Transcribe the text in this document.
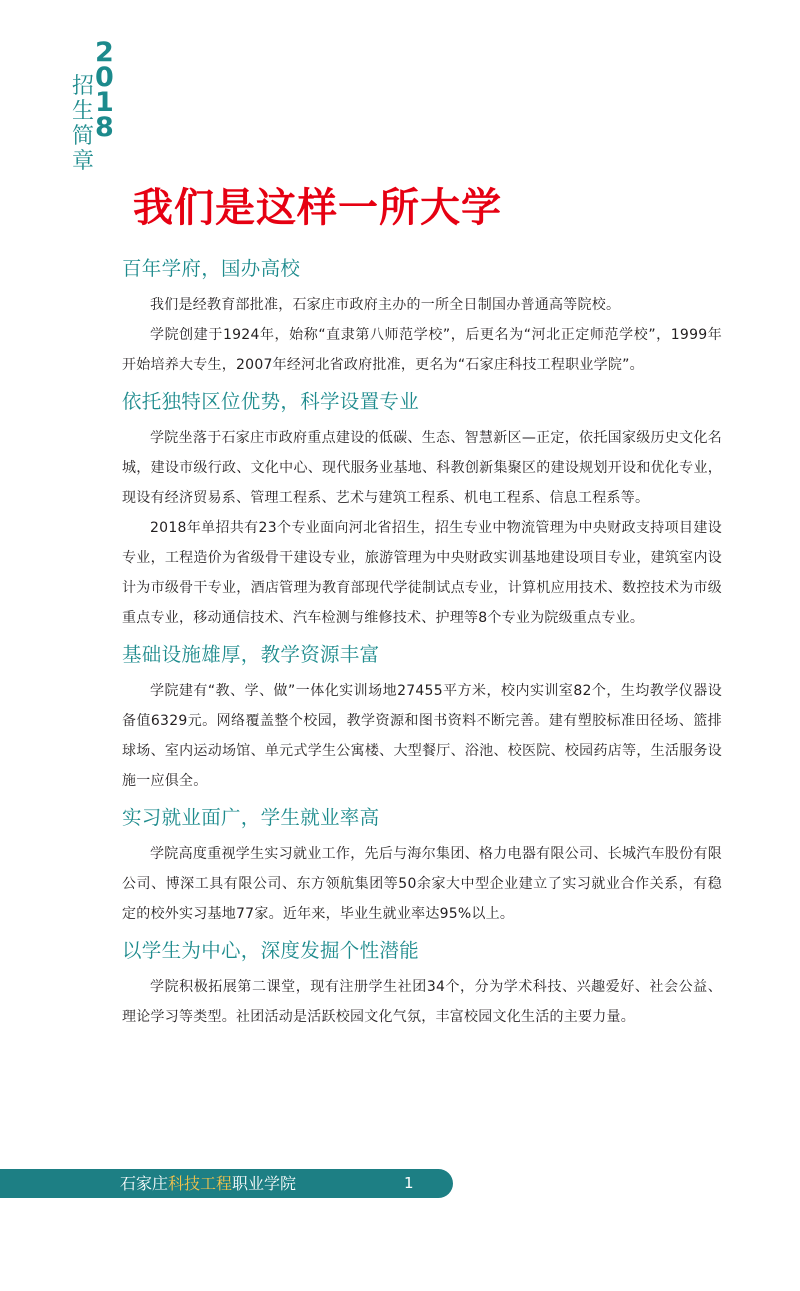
招
生
简
章
2
0
1
8
我们是这样一所大学
百年学府，国办高校

我们是经教育部批准，石家庄市政府主办的一所全日制国办普通高等院校。

学院创建于1924年，始称“直隶第八师范学校”，后更名为“河北正定师范学校”，1999年开始培养大专生，2007年经河北省政府批准，更名为“石家庄科技工程职业学院”。

依托独特区位优势，科学设置专业

学院坐落于石家庄市政府重点建设的低碳、生态、智慧新区—正定，依托国家级历史文化名城，建设市级行政、文化中心、现代服务业基地、科教创新集聚区的建设规划开设和优化专业，现设有经济贸易系、管理工程系、艺术与建筑工程系、机电工程系、信息工程系等。

2018年单招共有23个专业面向河北省招生，招生专业中物流管理为中央财政支持项目建设专业，工程造价为省级骨干建设专业，旅游管理为中央财政实训基地建设项目专业，建筑室内设计为市级骨干专业，酒店管理为教育部现代学徒制试点专业，计算机应用技术、数控技术为市级重点专业，移动通信技术、汽车检测与维修技术、护理等8个专业为院级重点专业。

基础设施雄厚，教学资源丰富

学院建有“教、学、做”一体化实训场地27455平方米，校内实训室82个，生均教学仪器设备值6329元。网络覆盖整个校园，教学资源和图书资料不断完善。建有塑胶标准田径场、篮排球场、室内运动场馆、单元式学生公寓楼、大型餐厅、浴池、校医院、校园药店等，生活服务设施一应俱全。

实习就业面广，学生就业率高

学院高度重视学生实习就业工作，先后与海尔集团、格力电器有限公司、长城汽车股份有限公司、博深工具有限公司、东方领航集团等50余家大中型企业建立了实习就业合作关系，有稳定的校外实习基地77家。近年来，毕业生就业率达95%以上。

以学生为中心，深度发掘个性潜能

学院积极拓展第二课堂，现有注册学生社团34个，分为学术科技、兴趣爱好、社会公益、理论学习等类型。社团活动是活跃校园文化气氛，丰富校园文化生活的主要力量。

石家庄科技工程职业学院	1
